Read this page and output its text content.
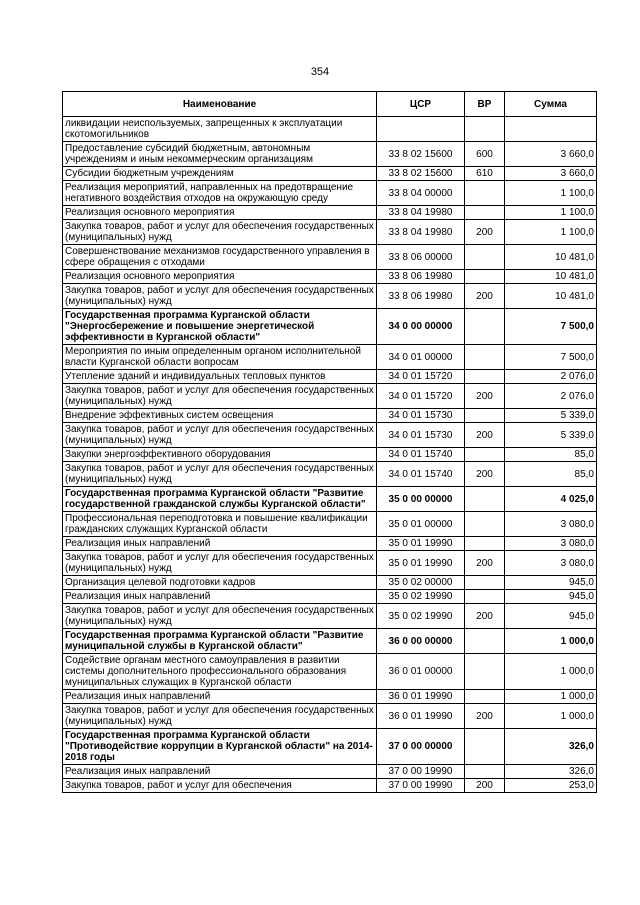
354
Наименование	ЦСР	ВР	Сумма
ликвидации неиспользуемых, запрещенных к эксплуатации скотомогильников			
Предоставление субсидий бюджетным, автономным учреждениям и иным некоммерческим организациям	33 8 02 15600	600	3 660,0
Субсидии бюджетным учреждениям	33 8 02 15600	610	3 660,0
Реализация мероприятий, направленных на предотвращение негативного воздействия отходов на окружающую среду	33 8 04 00000		1 100,0
Реализация основного мероприятия	33 8 04 19980		1 100,0
Закупка товаров, работ и услуг для обеспечения государственных (муниципальных) нужд	33 8 04 19980	200	1 100,0
Совершенствование механизмов государственного управления в сфере обращения с отходами	33 8 06 00000		10 481,0
Реализация основного мероприятия	33 8 06 19980		10 481,0
Закупка товаров, работ и услуг для обеспечения государственных (муниципальных) нужд	33 8 06 19980	200	10 481,0
Государственная программа Курганской области "Энергосбережение и повышение энергетической эффективности в Курганской области"	34 0 00 00000		7 500,0
Мероприятия по иным определенным органом исполнительной власти Курганской области вопросам	34 0 01 00000		7 500,0
Утепление зданий и индивидуальных тепловых пунктов	34 0 01 15720		2 076,0
Закупка товаров, работ и услуг для обеспечения государственных (муниципальных) нужд	34 0 01 15720	200	2 076,0
Внедрение эффективных систем освещения	34 0 01 15730		5 339,0
Закупка товаров, работ и услуг для обеспечения государственных (муниципальных) нужд	34 0 01 15730	200	5 339,0
Закупки энергоэффективного оборудования	34 0 01 15740		85,0
Закупка товаров, работ и услуг для обеспечения государственных (муниципальных) нужд	34 0 01 15740	200	85,0
Государственная программа Курганской области "Развитие государственной гражданской службы Курганской области"	35 0 00 00000		4 025,0
Профессиональная переподготовка и повышение квалификации гражданских служащих Курганской области	35 0 01 00000		3 080,0
Реализация иных направлений	35 0 01 19990		3 080,0
Закупка товаров, работ и услуг для обеспечения государственных (муниципальных) нужд	35 0 01 19990	200	3 080,0
Организация целевой подготовки кадров	35 0 02 00000		945,0
Реализация иных направлений	35 0 02 19990		945,0
Закупка товаров, работ и услуг для обеспечения государственных (муниципальных) нужд	35 0 02 19990	200	945,0
Государственная программа Курганской области "Развитие муниципальной службы в Курганской области"	36 0 00 00000		1 000,0
Содействие органам местного самоуправления в развитии системы дополнительного профессионального образования муниципальных служащих в Курганской области	36 0 01 00000		1 000,0
Реализация иных направлений	36 0 01 19990		1 000,0
Закупка товаров, работ и услуг для обеспечения государственных (муниципальных) нужд	36 0 01 19990	200	1 000,0
Государственная программа Курганской области "Противодействие коррупции в Курганской области" на 2014-2018 годы	37 0 00 00000		326,0
Реализация иных направлений	37 0 00 19990		326,0
Закупка товаров, работ и услуг для обеспечения	37 0 00 19990	200	253,0
